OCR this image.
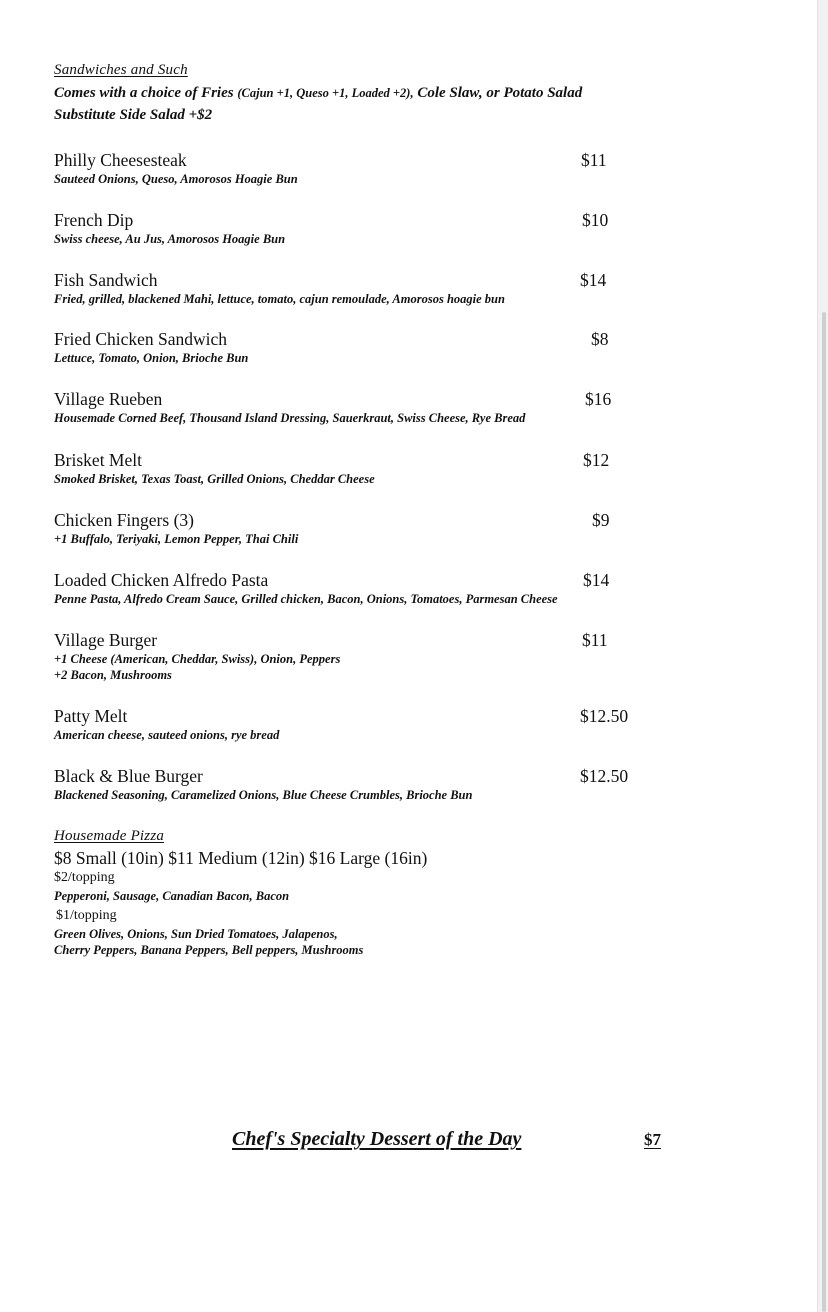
Sandwiches and Such
Comes with a choice of Fries (Cajun +1, Queso +1, Loaded +2), Cole Slaw, or Potato Salad
Substitute Side Salad +$2
Philly Cheesesteak	$11
Sauteed Onions, Queso, Amorosos Hoagie Bun
French Dip	$10
Swiss cheese, Au Jus, Amorosos Hoagie Bun
Fish Sandwich	$14
Fried, grilled, blackened Mahi, lettuce, tomato, cajun remoulade, Amorosos hoagie bun
Fried Chicken Sandwich	$8
Lettuce, Tomato, Onion, Brioche Bun
Village Rueben	$16
Housemade Corned Beef, Thousand Island Dressing, Sauerkraut, Swiss Cheese, Rye Bread
Brisket Melt	$12
Smoked Brisket, Texas Toast, Grilled Onions, Cheddar Cheese
Chicken Fingers (3)	$9
+1 Buffalo, Teriyaki, Lemon Pepper, Thai Chili
Loaded Chicken Alfredo Pasta	$14
Penne Pasta, Alfredo Cream Sauce, Grilled chicken, Bacon, Onions, Tomatoes, Parmesan Cheese
Village Burger	$11
+1 Cheese (American, Cheddar, Swiss), Onion, Peppers
+2 Bacon, Mushrooms
Patty Melt	$12.50
American cheese, sauteed onions, rye bread
Black & Blue Burger	$12.50
Blackened Seasoning, Caramelized Onions, Blue Cheese Crumbles, Brioche Bun
Housemade Pizza
$8 Small (10in) $11 Medium (12in) $16 Large (16in)
$2/topping
Pepperoni, Sausage, Canadian Bacon, Bacon
$1/topping
Green Olives, Onions, Sun Dried Tomatoes, Jalapenos,
Cherry Peppers, Banana Peppers, Bell peppers, Mushrooms
Chef's Specialty Dessert of the Day	$7
